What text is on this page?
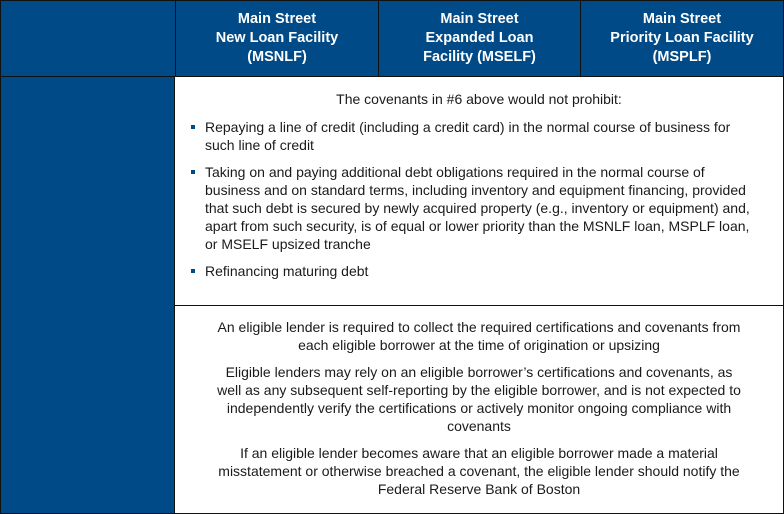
Main Street
New Loan Facility
(MSNLF)
Main Street
Expanded Loan
Facility (MSELF)
Main Street
Priority Loan Facility
(MSPLF)
The covenants in #6 above would not prohibit:
Repaying a line of credit (including a credit card) in the normal course of business for such line of credit
Taking on and paying additional debt obligations required in the normal course of business and on standard terms, including inventory and equipment financing, provided that such debt is secured by newly acquired property (e.g., inventory or equipment) and, apart from such security, is of equal or lower priority than the MSNLF loan, MSPLF loan, or MSELF upsized tranche
Refinancing maturing debt

An eligible lender is required to collect the required certifications and covenants from each eligible borrower at the time of origination or upsizing

Eligible lenders may rely on an eligible borrower’s certifications and covenants, as well as any subsequent self-reporting by the eligible borrower, and is not expected to independently verify the certifications or actively monitor ongoing compliance with covenants

If an eligible lender becomes aware that an eligible borrower made a material misstatement or otherwise breached a covenant, the eligible lender should notify the Federal Reserve Bank of Boston
